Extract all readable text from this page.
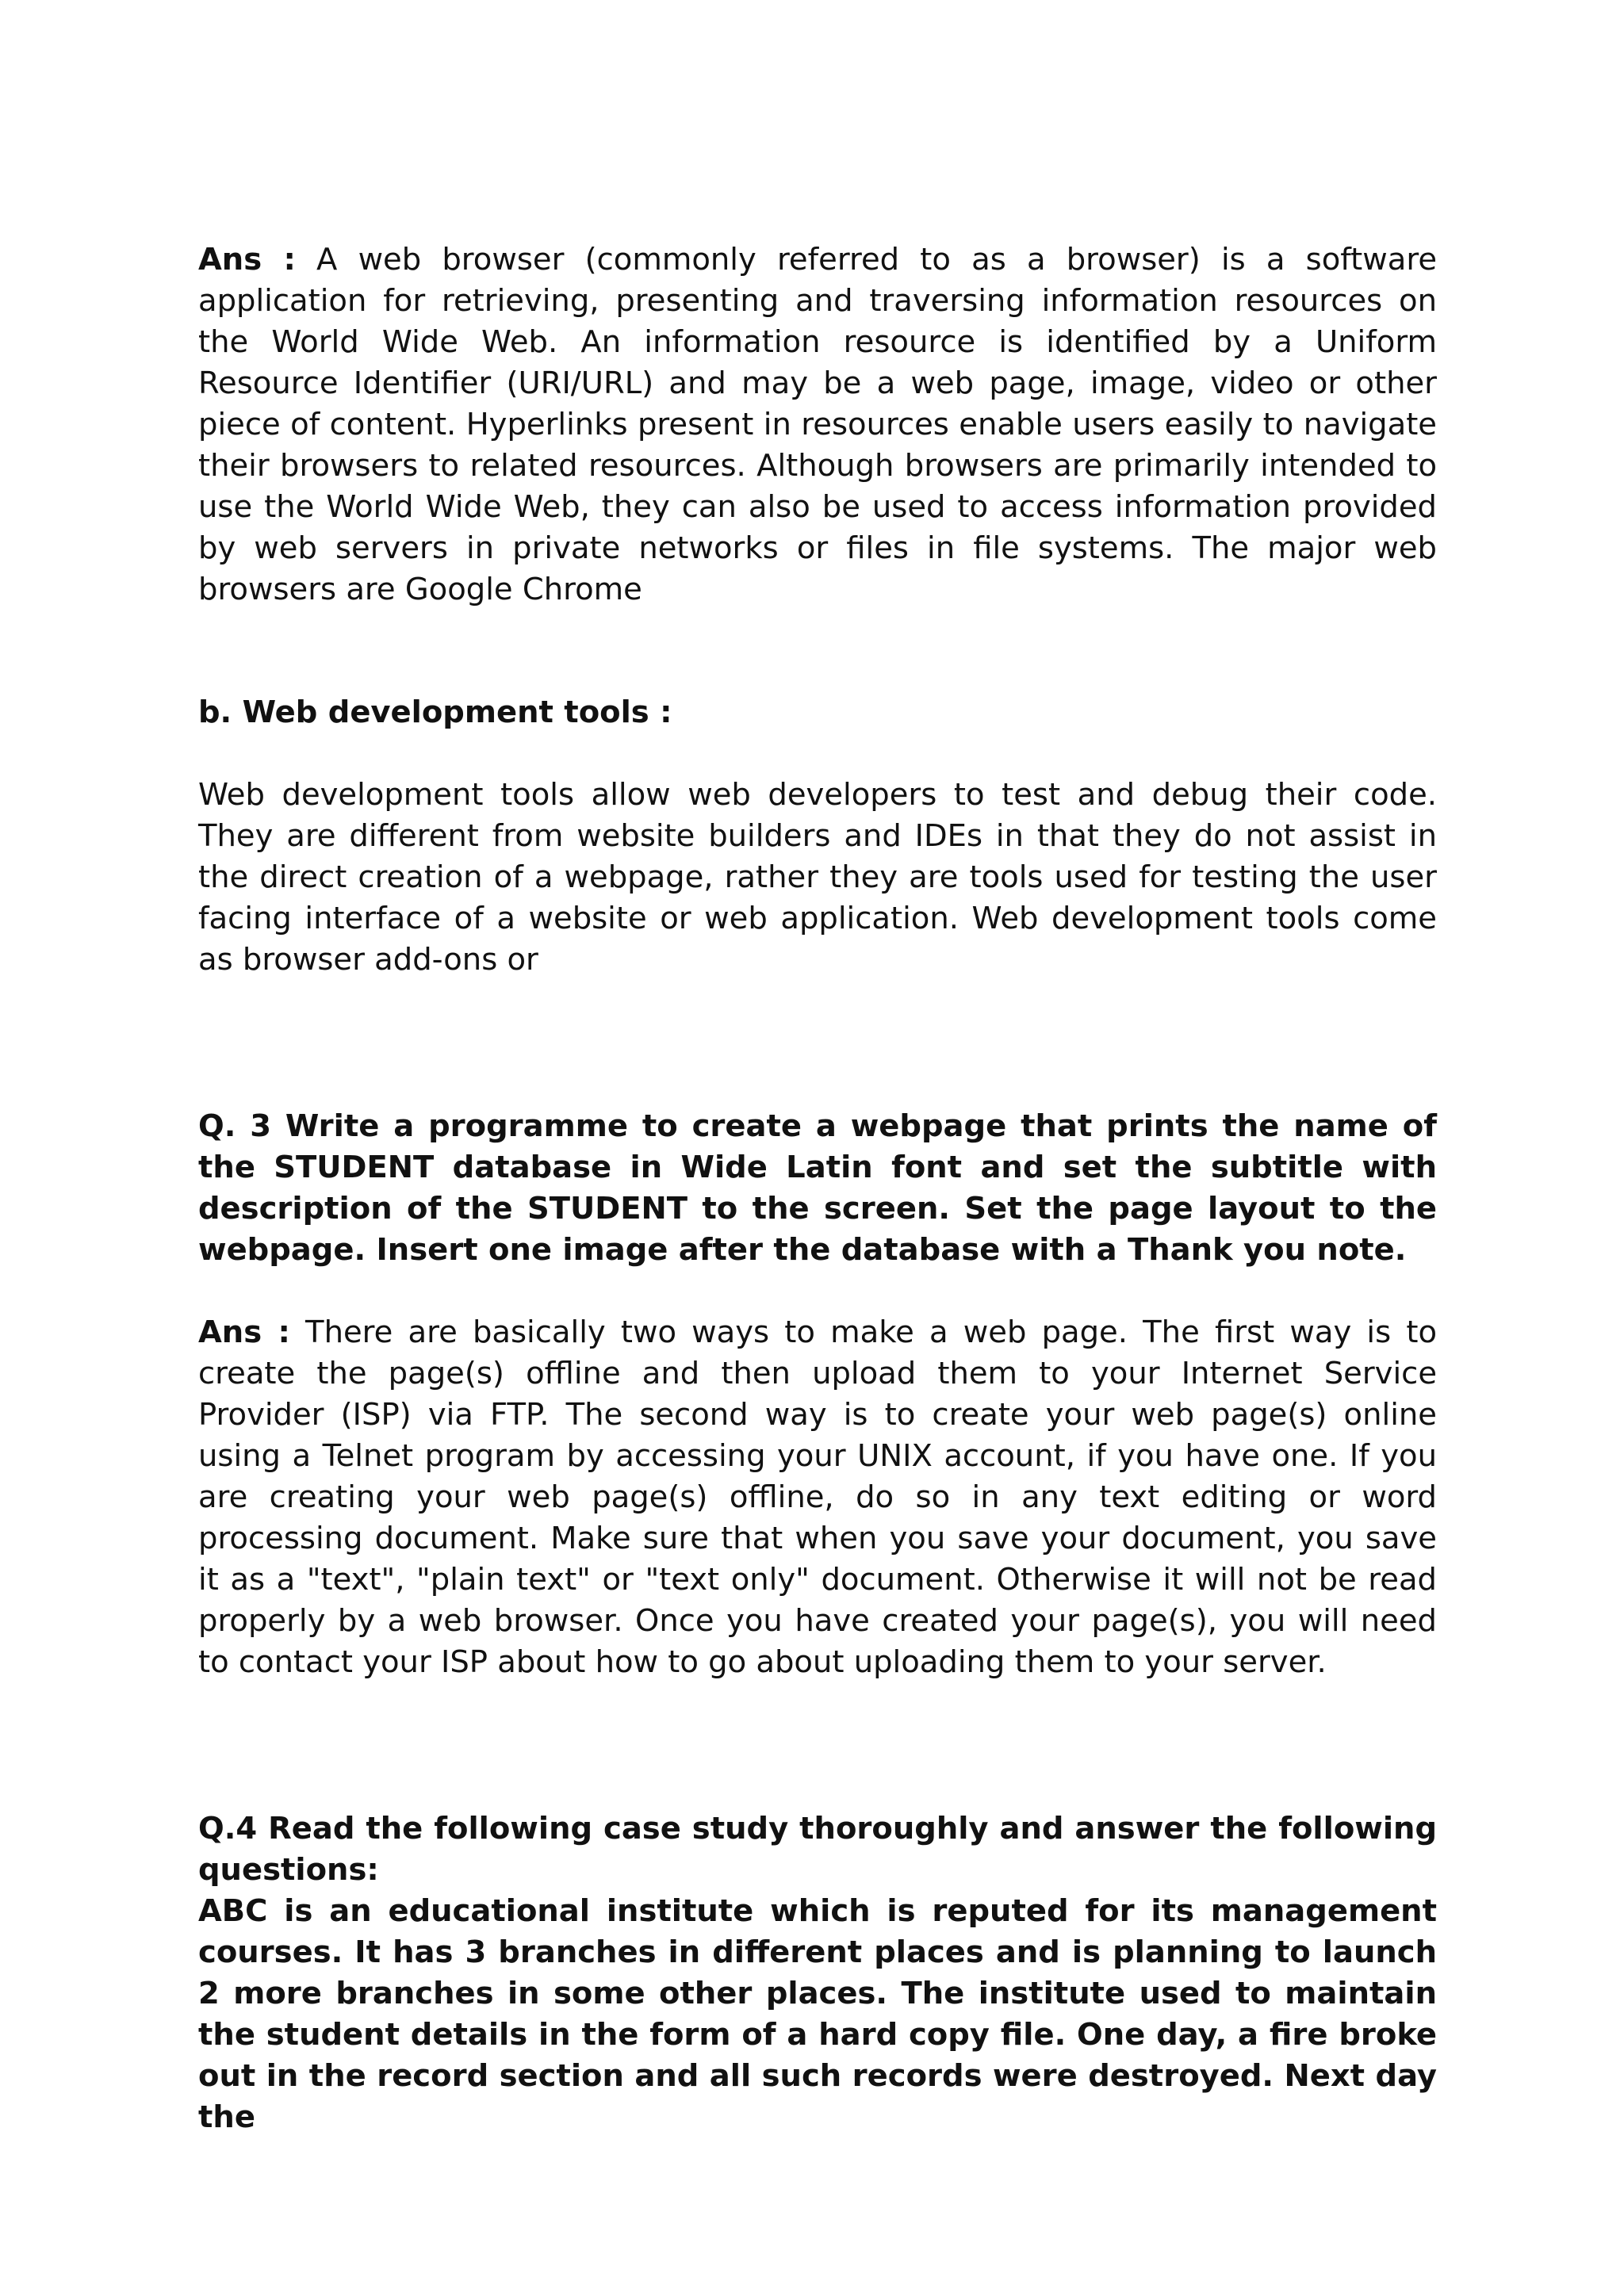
Ans : A web browser (commonly referred to as a browser) is a software application for retrieving, presenting and traversing information resources on the World Wide Web. An information resource is identified by a Uniform Resource Identifier (URI/URL) and may be a web page, image, video or other piece of content. Hyperlinks present in resources enable users easily to navigate their browsers to related resources. Although browsers are primarily intended to use the World Wide Web, they can also be used to access information provided by web servers in private networks or files in file systems. The major web browsers are Google Chrome

b. Web development tools :

Web development tools allow web developers to test and debug their code. They are different from website builders and IDEs in that they do not assist in the direct creation of a webpage, rather they are tools used for testing the user facing interface of a website or web application. Web development tools come as browser add-ons or

Q. 3 Write a programme to create a webpage that prints the name of the STUDENT database in Wide Latin font and set the subtitle with description of the STUDENT to the screen. Set the page layout to the webpage. Insert one image after the database with a Thank you note.

Ans : There are basically two ways to make a web page. The first way is to create the page(s) offline and then upload them to your Internet Service Provider (ISP) via FTP. The second way is to create your web page(s) online using a Telnet program by accessing your UNIX account, if you have one. If you are creating your web page(s) offline, do so in any text editing or word processing document. Make sure that when you save your document, you save it as a "text", "plain text" or "text only" document. Otherwise it will not be read properly by a web browser. Once you have created your page(s), you will need to contact your ISP about how to go about uploading them to your server.

Q.4 Read the following case study thoroughly and answer the following questions:

ABC is an educational institute which is reputed for its management courses. It has 3 branches in different places and is planning to launch 2 more branches in some other places. The institute used to maintain the student details in the form of a hard copy file. One day, a fire broke out in the record section and all such records were destroyed. Next day the
